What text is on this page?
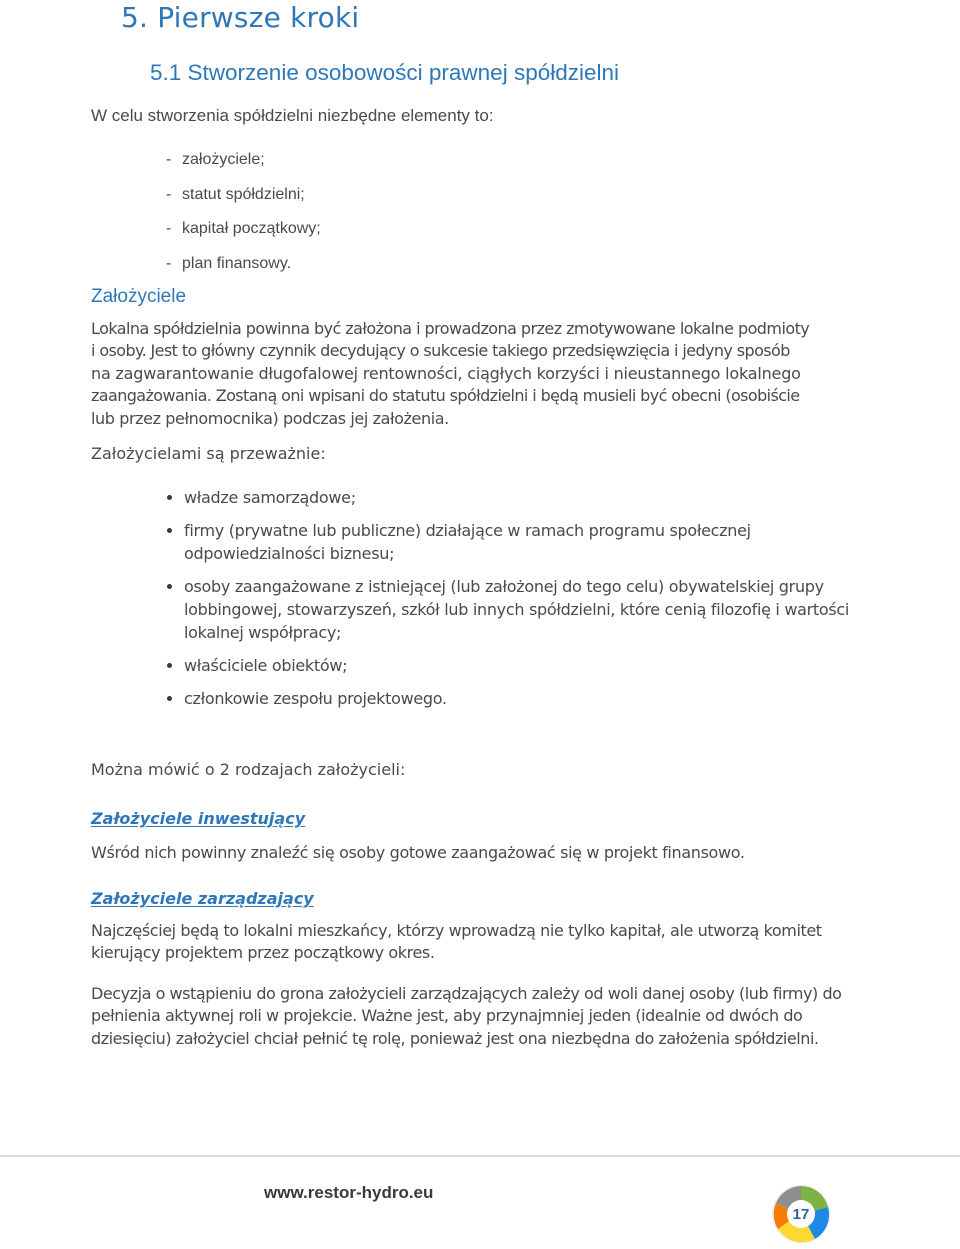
5. Pierwsze kroki
5.1 Stworzenie osobowości prawnej spółdzielni
W celu stworzenia spółdzielni niezbędne elementy to:
- założyciele;
- statut spółdzielni;
- kapitał początkowy;
- plan finansowy.
Założyciele
Lokalna spółdzielnia powinna być założona i prowadzona przez zmotywowane lokalne podmioty
i osoby. Jest to główny czynnik decydujący o sukcesie takiego przedsięwzięcia i jedyny sposób
na zagwarantowanie długofalowej rentowności, ciągłych korzyści i nieustannego lokalnego
zaangażowania. Zostaną oni wpisani do statutu spółdzielni i będą musieli być obecni (osobiście
lub przez pełnomocnika) podczas jej założenia.
Założycielami są przeważnie:
władze samorządowe;
firmy (prywatne lub publiczne) działające w ramach programu społecznej odpowiedzialności biznesu;
osoby zaangażowane z istniejącej (lub założonej do tego celu) obywatelskiej grupy lobbingowej, stowarzyszeń, szkół lub innych spółdzielni, które cenią filozofię i wartości lokalnej współpracy;
właściciele obiektów;
członkowie zespołu projektowego.
Można mówić o 2 rodzajach założycieli:
Założyciele inwestujący
Wśród nich powinny znaleźć się osoby gotowe zaangażować się w projekt finansowo.
Założyciele zarządzający
Najczęściej będą to lokalni mieszkańcy, którzy wprowadzą nie tylko kapitał, ale utworzą komitet kierujący projektem przez początkowy okres.
Decyzja o wstąpieniu do grona założycieli zarządzających zależy od woli danej osoby (lub firmy) do pełnienia aktywnej roli w projekcie. Ważne jest, aby przynajmniej jeden (idealnie od dwóch do dziesięciu) założyciel chciał pełnić tę rolę, ponieważ jest ona niezbędna do założenia spółdzielni.
www.restor-hydro.eu
17
